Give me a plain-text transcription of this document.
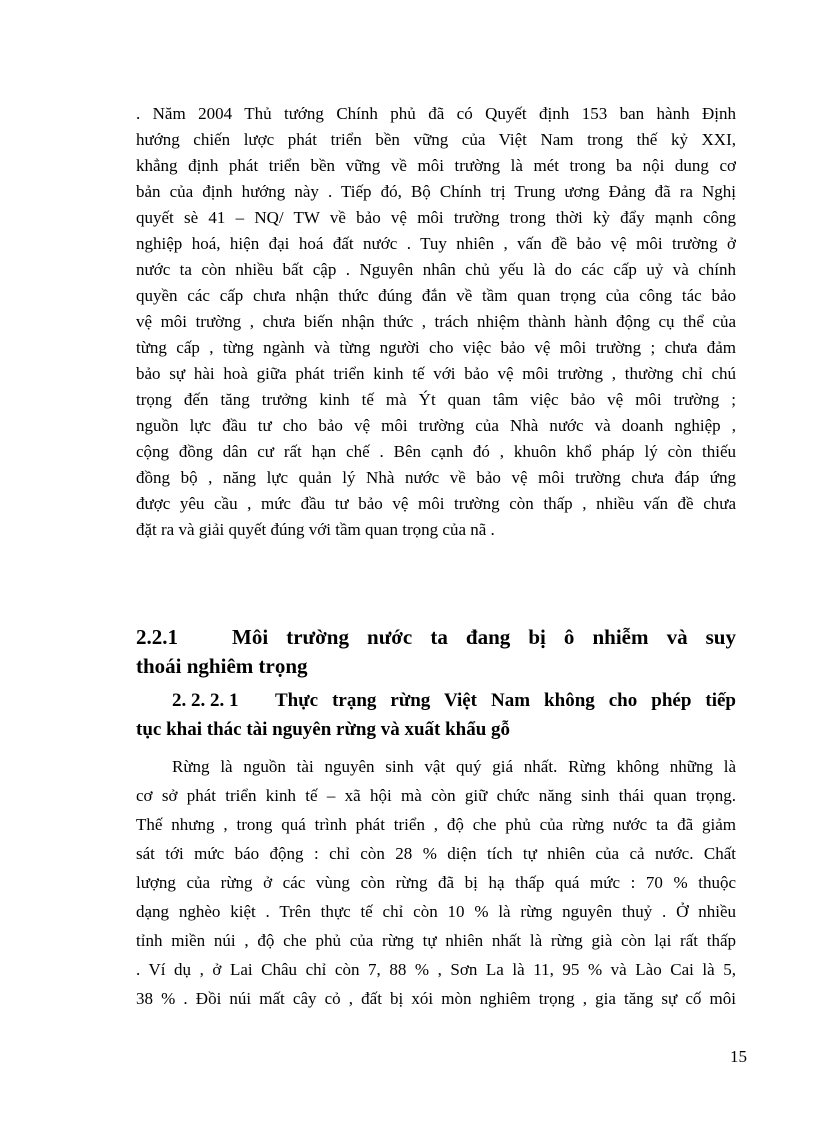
. Năm 2004 Thủ tướng Chính phủ đã có Quyết định 153 ban hành Định
hướng chiến lược phát triển bền vững của Việt Nam trong thế kỷ XXI,
khẳng định phát triển bền vững về môi trường là mét trong ba nội dung cơ
bản của định hướng này . Tiếp đó, Bộ Chính trị Trung ương Đảng đã ra Nghị
quyết sè 41 – NQ/ TW về bảo vệ môi trường trong thời kỳ đẩy mạnh công
nghiệp hoá, hiện đại hoá đất nước . Tuy nhiên , vấn đề bảo vệ môi trường ở
nước ta còn nhiều bất cập . Nguyên nhân chủ yếu là do các cấp uỷ và chính
quyền các cấp chưa nhận thức đúng đắn về tầm quan trọng của công tác bảo
vệ môi trường , chưa biến nhận thức , trách nhiệm thành hành động cụ thể của
từng cấp , từng ngành và từng người cho việc bảo vệ môi trường ; chưa đảm
bảo sự hài hoà giữa phát triển kinh tế với bảo vệ môi trường , thường chỉ chú
trọng đến tăng trưởng kinh tế mà Ýt quan tâm việc bảo vệ môi trường ;
nguồn lực đầu tư cho bảo vệ môi trường của Nhà nước và doanh nghiệp ,
cộng đồng dân cư rất hạn chế . Bên cạnh đó , khuôn khổ pháp lý còn thiếu
đồng bộ , năng lực quản lý Nhà nước về bảo vệ môi trường chưa đáp ứng
được yêu cầu , mức đầu tư bảo vệ môi trường còn thấp , nhiều vấn đề chưa
đặt ra và giải quyết đúng với tầm quan trọng của nã .
2.2.1	Môi trường nước ta đang bị ô nhiễm và suy
thoái nghiêm trọng
2. 2. 2. 1	Thực trạng rừng Việt Nam không cho phép tiếp
tục khai thác tài nguyên rừng và xuất khẩu gỗ
Rừng là nguồn tài nguyên sinh vật quý giá nhất. Rừng không những là
cơ sở phát triển kinh tế – xã hội mà còn giữ chức năng sinh thái quan trọng.
Thế nhưng , trong quá trình phát triển , độ che phủ của rừng nước ta đã giảm
sát tới mức báo động : chỉ còn 28 % diện tích tự nhiên của cả nước. Chất
lượng của rừng ở các vùng còn rừng đã bị hạ thấp quá mức : 70 % thuộc
dạng nghèo kiệt . Trên thực tế chỉ còn 10 % là rừng nguyên thuỷ . Ở nhiều
tỉnh miền núi , độ che phủ của rừng tự nhiên nhất là rừng già còn lại rất thấp
. Ví dụ , ở Lai Châu chỉ còn 7, 88 % , Sơn La là 11, 95 % và Lào Cai là 5,
38 % . Đồi núi mất cây cỏ , đất bị xói mòn nghiêm trọng , gia tăng sự cố môi
15
